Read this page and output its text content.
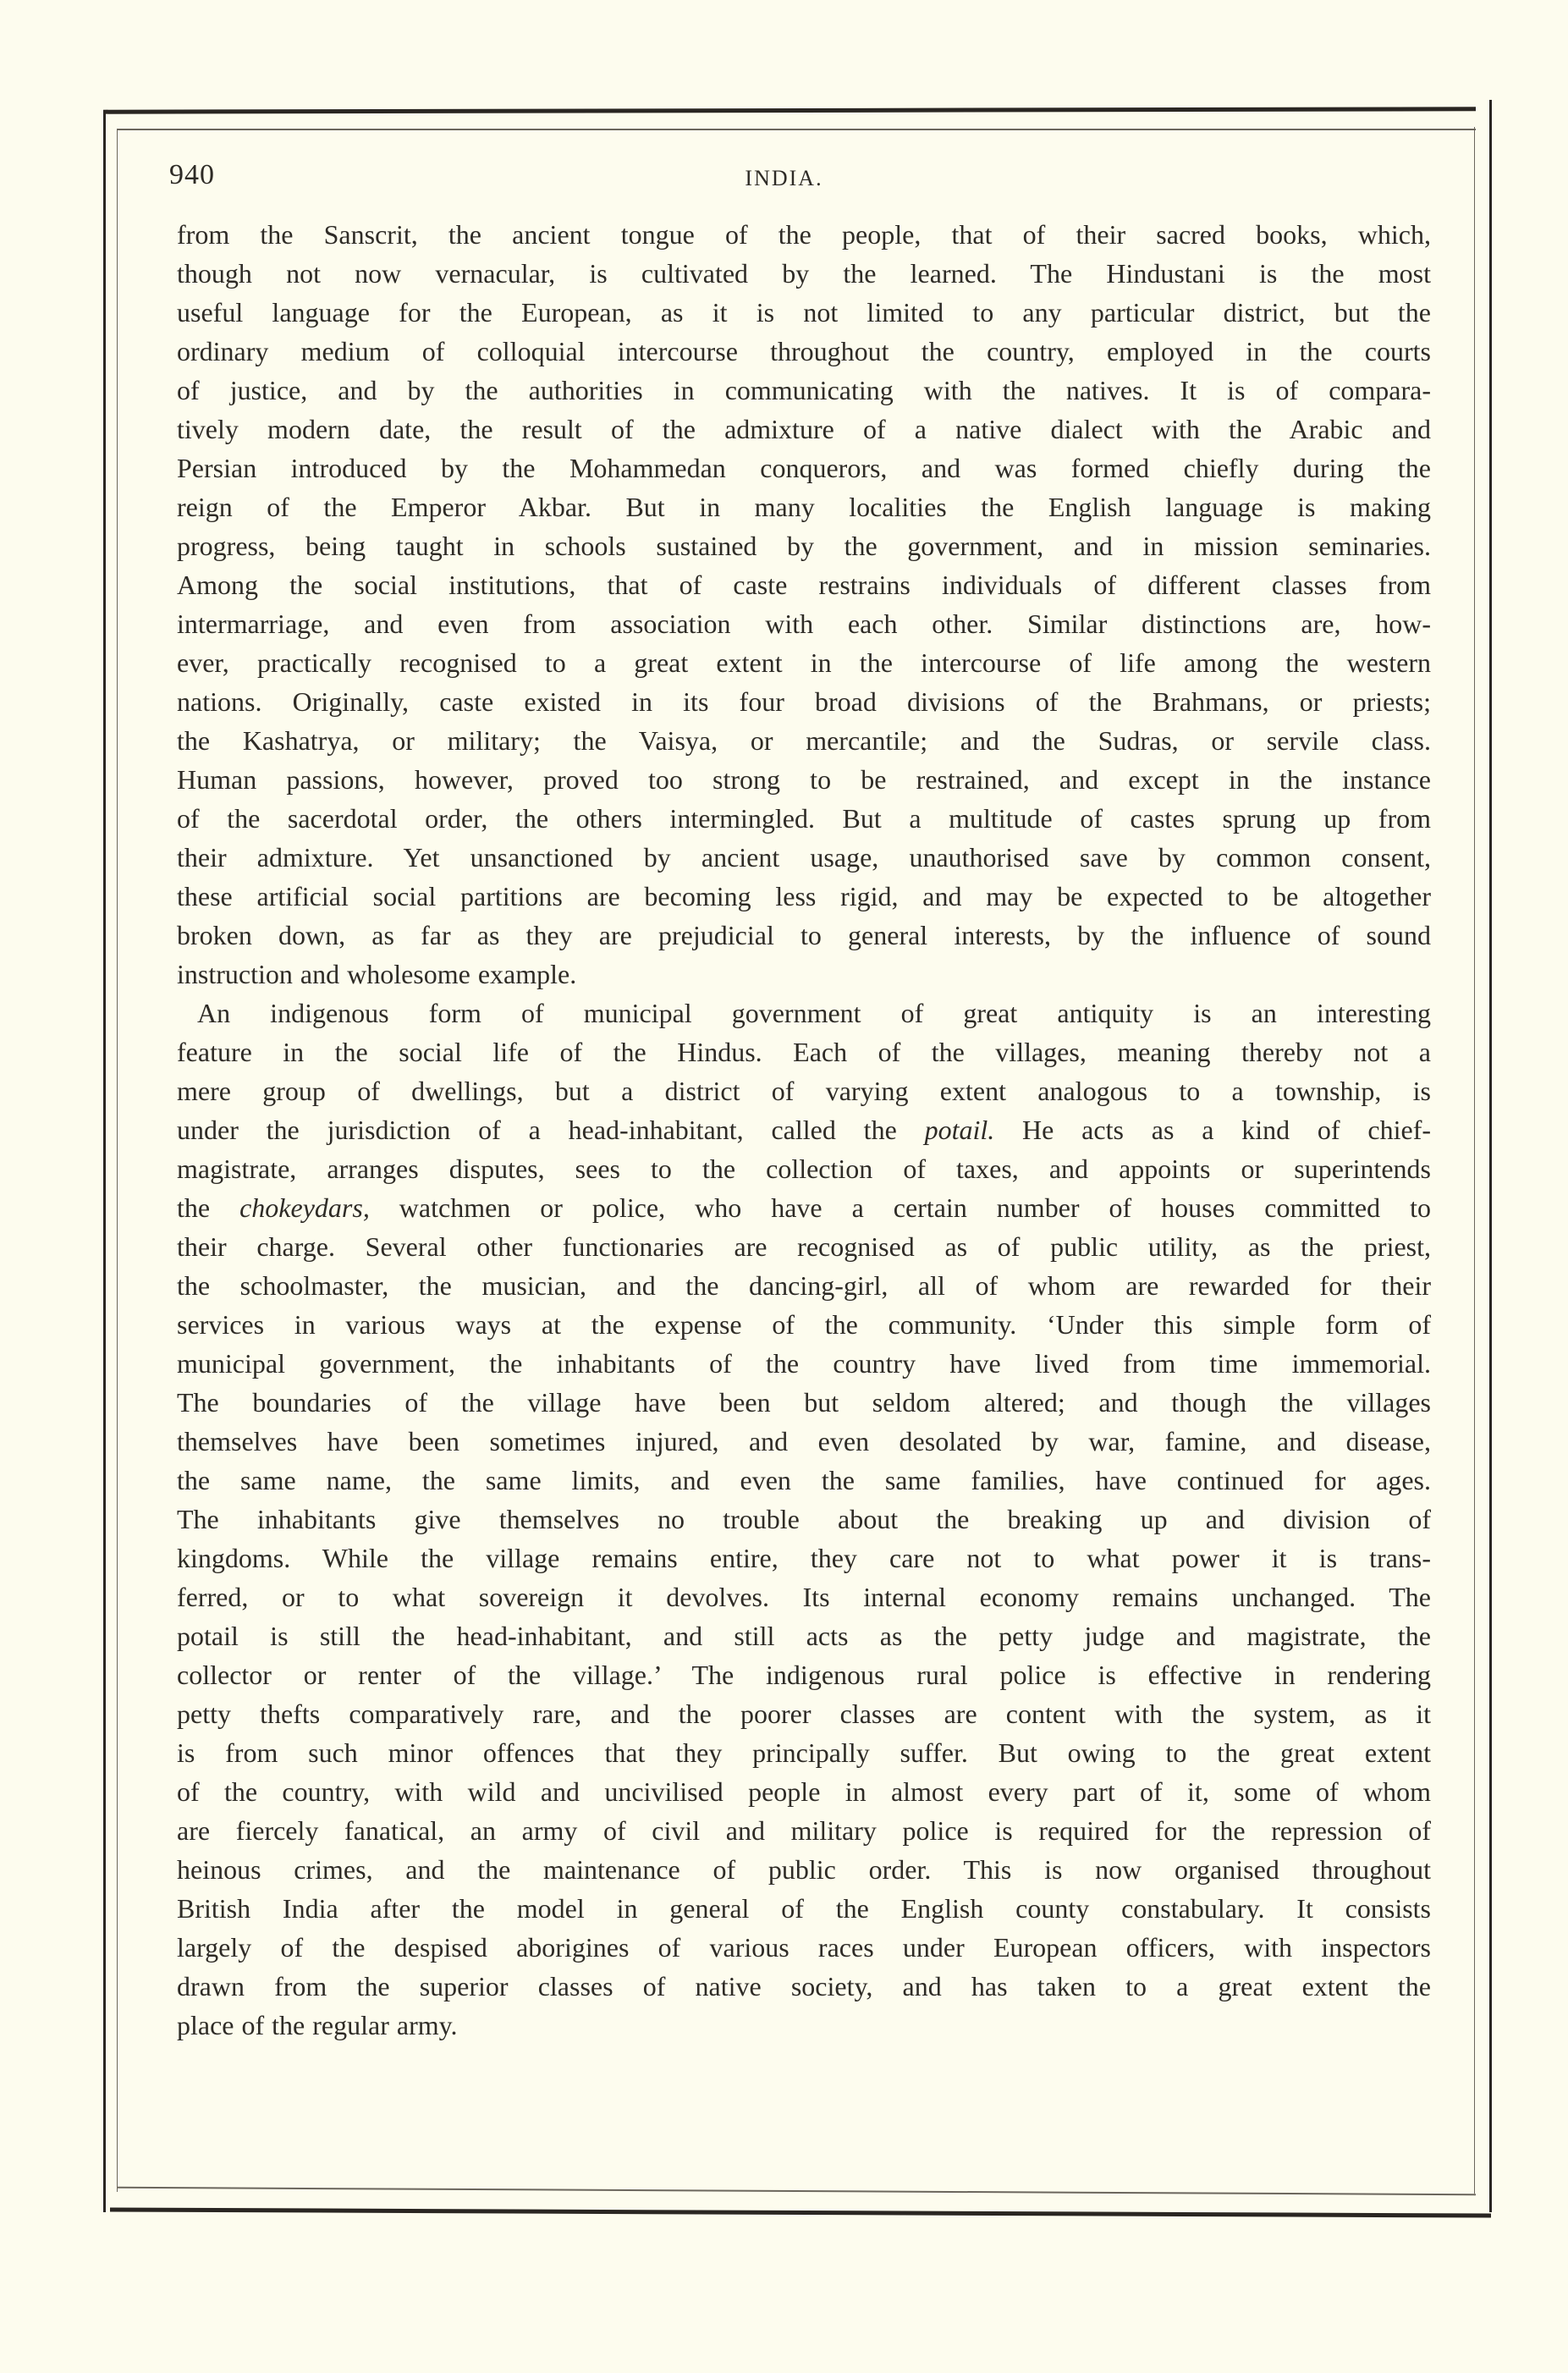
940	INDIA.
from the Sanscrit, the ancient tongue of the people, that of their sacred books, which,
though not now vernacular, is cultivated by the learned. The Hindustani is the most
useful language for the European, as it is not limited to any particular district, but the
ordinary medium of colloquial intercourse throughout the country, employed in the courts
of justice, and by the authorities in communicating with the natives. It is of compara-
tively modern date, the result of the admixture of a native dialect with the Arabic and
Persian introduced by the Mohammedan conquerors, and was formed chiefly during the
reign of the Emperor Akbar. But in many localities the English language is making
progress, being taught in schools sustained by the government, and in mission seminaries.
Among the social institutions, that of caste restrains individuals of different classes from
intermarriage, and even from association with each other. Similar distinctions are, how-
ever, practically recognised to a great extent in the intercourse of life among the western
nations. Originally, caste existed in its four broad divisions of the Brahmans, or priests;
the Kashatrya, or military; the Vaisya, or mercantile; and the Sudras, or servile class.
Human passions, however, proved too strong to be restrained, and except in the instance
of the sacerdotal order, the others intermingled. But a multitude of castes sprung up from
their admixture. Yet unsanctioned by ancient usage, unauthorised save by common consent,
these artificial social partitions are becoming less rigid, and may be expected to be altogether
broken down, as far as they are prejudicial to general interests, by the influence of sound
instruction and wholesome example.
An indigenous form of municipal government of great antiquity is an interesting
feature in the social life of the Hindus. Each of the villages, meaning thereby not a
mere group of dwellings, but a district of varying extent analogous to a township, is
under the jurisdiction of a head-inhabitant, called the potail. He acts as a kind of chief-
magistrate, arranges disputes, sees to the collection of taxes, and appoints or superintends
the chokeydars, watchmen or police, who have a certain number of houses committed to
their charge. Several other functionaries are recognised as of public utility, as the priest,
the schoolmaster, the musician, and the dancing-girl, all of whom are rewarded for their
services in various ways at the expense of the community. ‘Under this simple form of
municipal government, the inhabitants of the country have lived from time immemorial.
The boundaries of the village have been but seldom altered; and though the villages
themselves have been sometimes injured, and even desolated by war, famine, and disease,
the same name, the same limits, and even the same families, have continued for ages.
The inhabitants give themselves no trouble about the breaking up and division of
kingdoms. While the village remains entire, they care not to what power it is trans-
ferred, or to what sovereign it devolves. Its internal economy remains unchanged. The
potail is still the head-inhabitant, and still acts as the petty judge and magistrate, the
collector or renter of the village.’ The indigenous rural police is effective in rendering
petty thefts comparatively rare, and the poorer classes are content with the system, as it
is from such minor offences that they principally suffer. But owing to the great extent
of the country, with wild and uncivilised people in almost every part of it, some of whom
are fiercely fanatical, an army of civil and military police is required for the repression of
heinous crimes, and the maintenance of public order. This is now organised throughout
British India after the model in general of the English county constabulary. It consists
largely of the despised aborigines of various races under European officers, with inspectors
drawn from the superior classes of native society, and has taken to a great extent the
place of the regular army.
